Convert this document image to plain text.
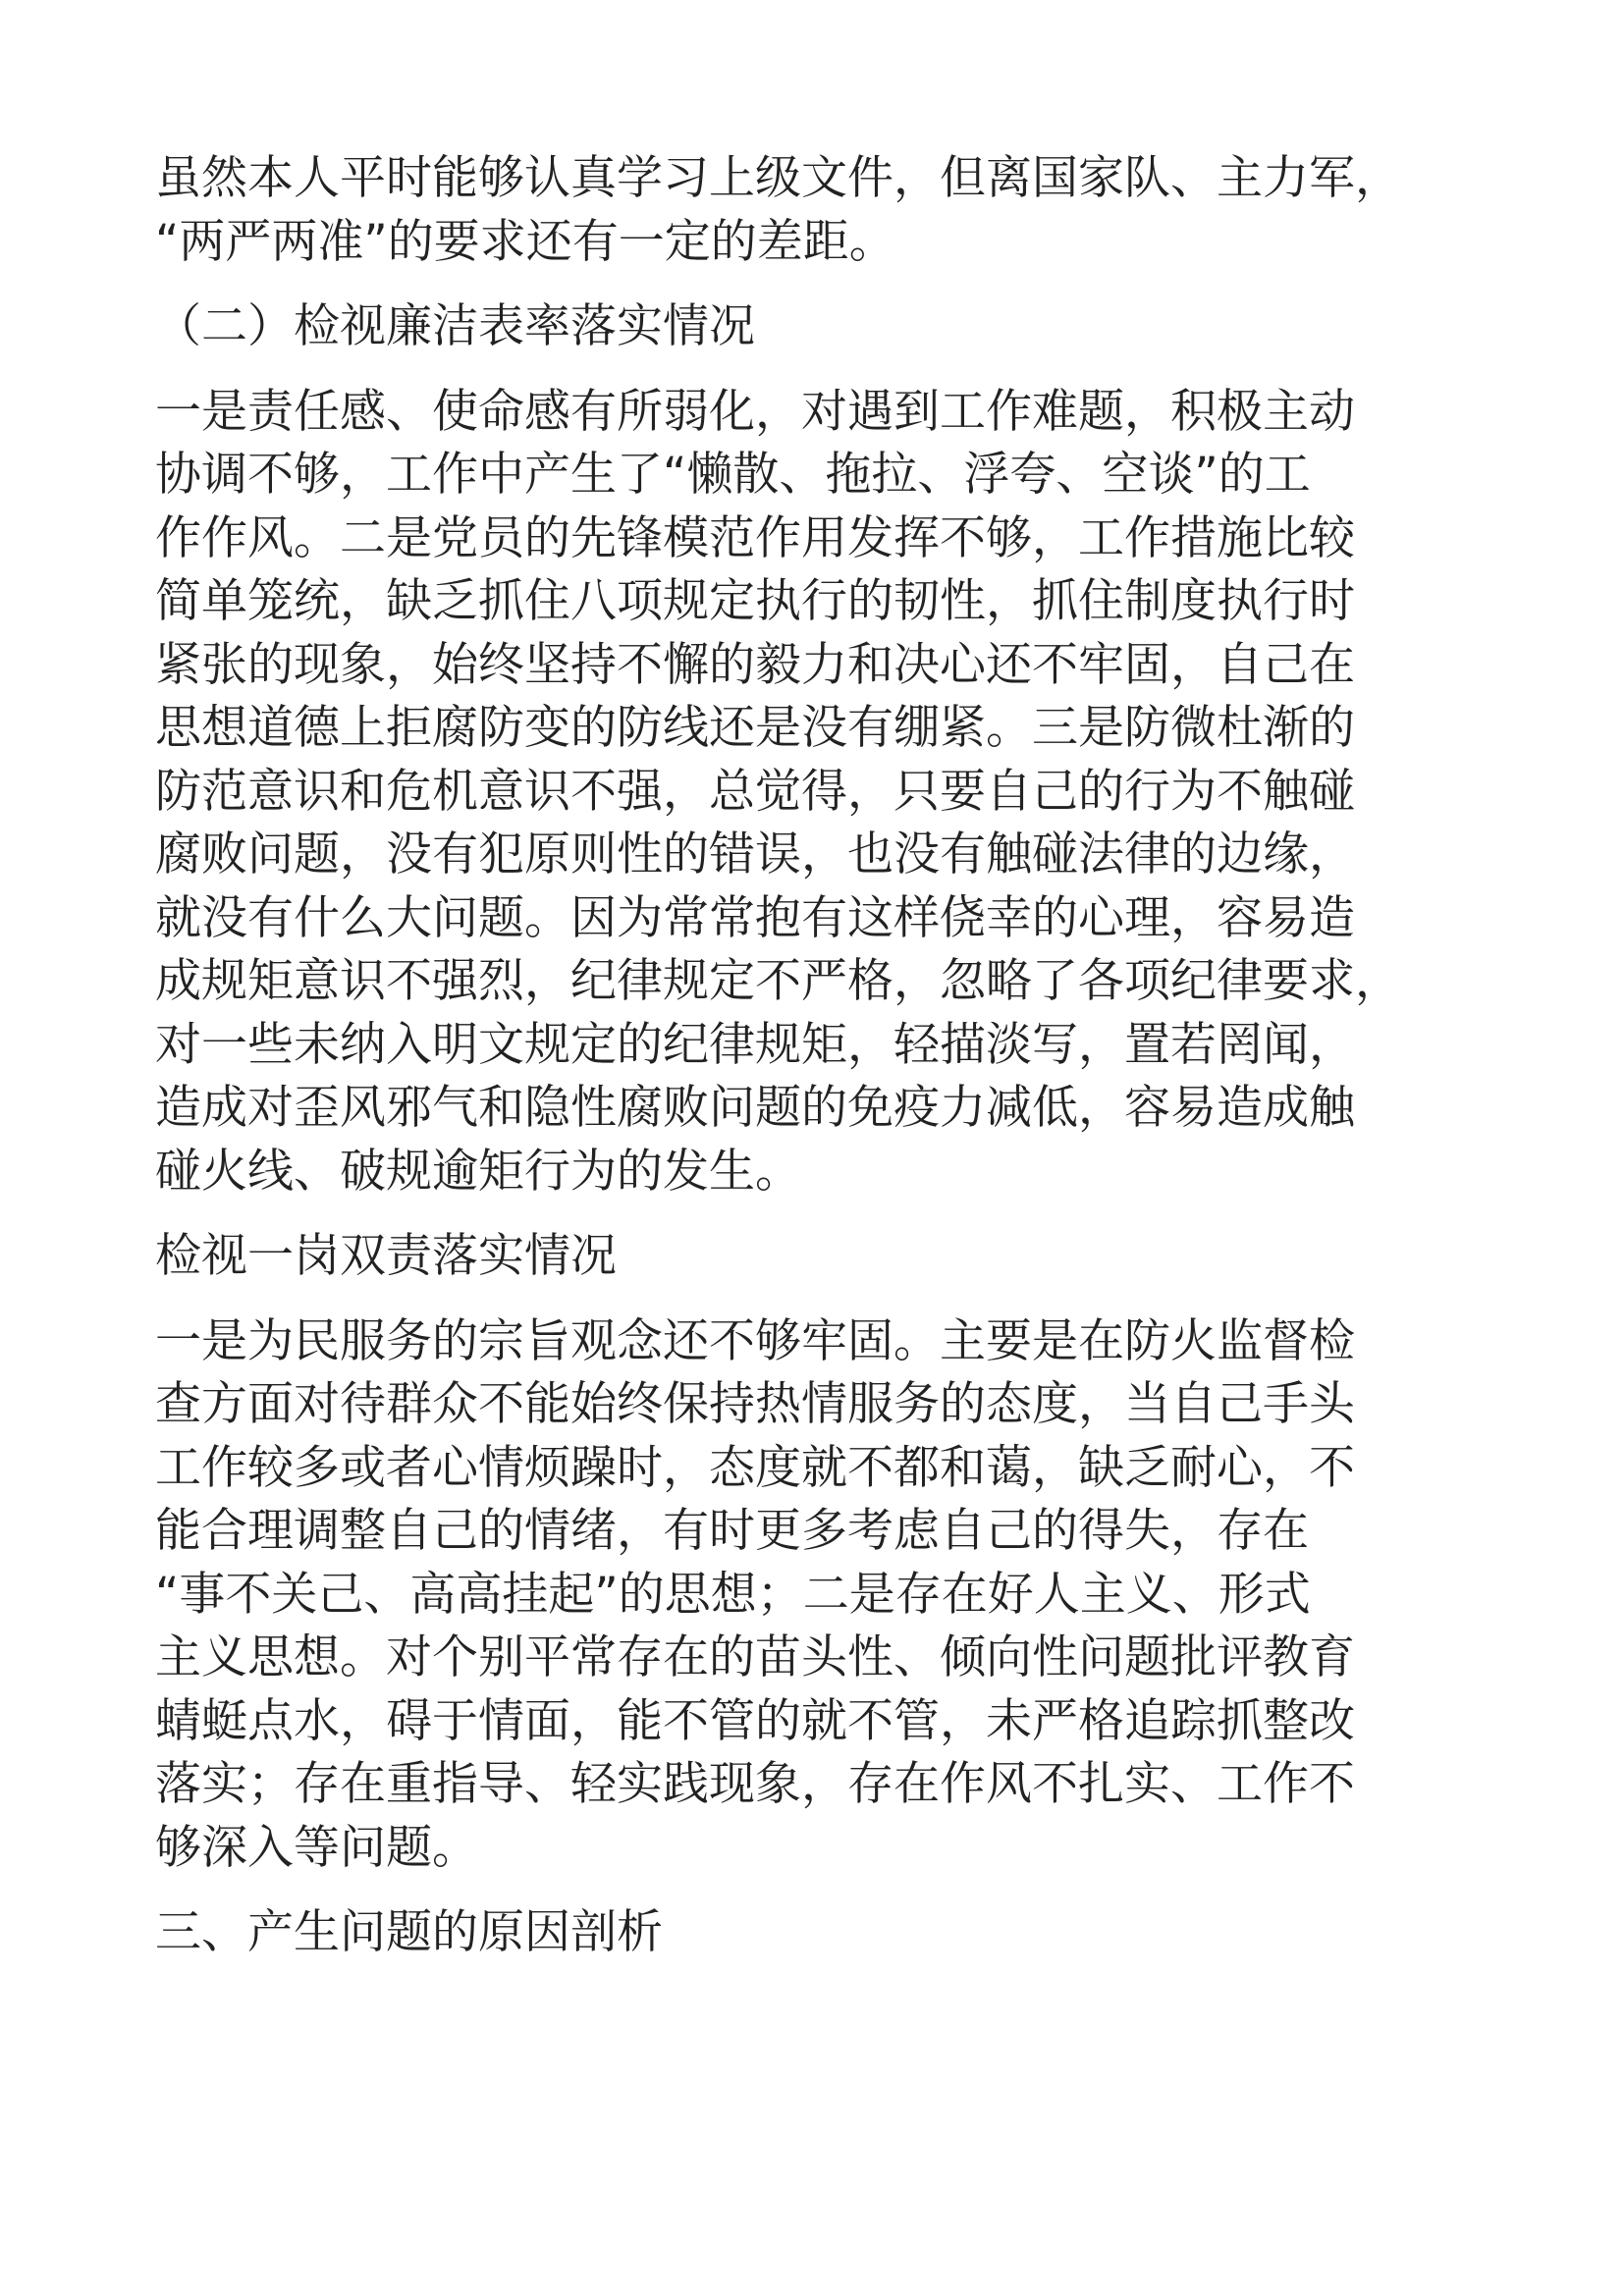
虽然本人平时能够认真学习上级文件，但离国家队、主力军，
“两严两准”的要求还有一定的差距。

（二）检视廉洁表率落实情况

一是责任感、使命感有所弱化，对遇到工作难题，积极主动
协调不够，工作中产生了“懒散、拖拉、浮夸、空谈”的工
作作风。二是党员的先锋模范作用发挥不够，工作措施比较
简单笼统，缺乏抓住八项规定执行的韧性，抓住制度执行时
紧张的现象，始终坚持不懈的毅力和决心还不牢固，自己在
思想道德上拒腐防变的防线还是没有绷紧。三是防微杜渐的
防范意识和危机意识不强，总觉得，只要自己的行为不触碰
腐败问题，没有犯原则性的错误，也没有触碰法律的边缘，
就没有什么大问题。因为常常抱有这样侥幸的心理，容易造
成规矩意识不强烈，纪律规定不严格，忽略了各项纪律要求，
对一些未纳入明文规定的纪律规矩，轻描淡写，置若罔闻，
造成对歪风邪气和隐性腐败问题的免疫力减低，容易造成触
碰火线、破规逾矩行为的发生。

检视一岗双责落实情况

一是为民服务的宗旨观念还不够牢固。主要是在防火监督检
查方面对待群众不能始终保持热情服务的态度，当自己手头
工作较多或者心情烦躁时，态度就不都和蔼，缺乏耐心，不
能合理调整自己的情绪，有时更多考虑自己的得失，存在
“事不关己、高高挂起”的思想；二是存在好人主义、形式
主义思想。对个别平常存在的苗头性、倾向性问题批评教育
蜻蜓点水，碍于情面，能不管的就不管，未严格追踪抓整改
落实；存在重指导、轻实践现象，存在作风不扎实、工作不
够深入等问题。

三、产生问题的原因剖析
